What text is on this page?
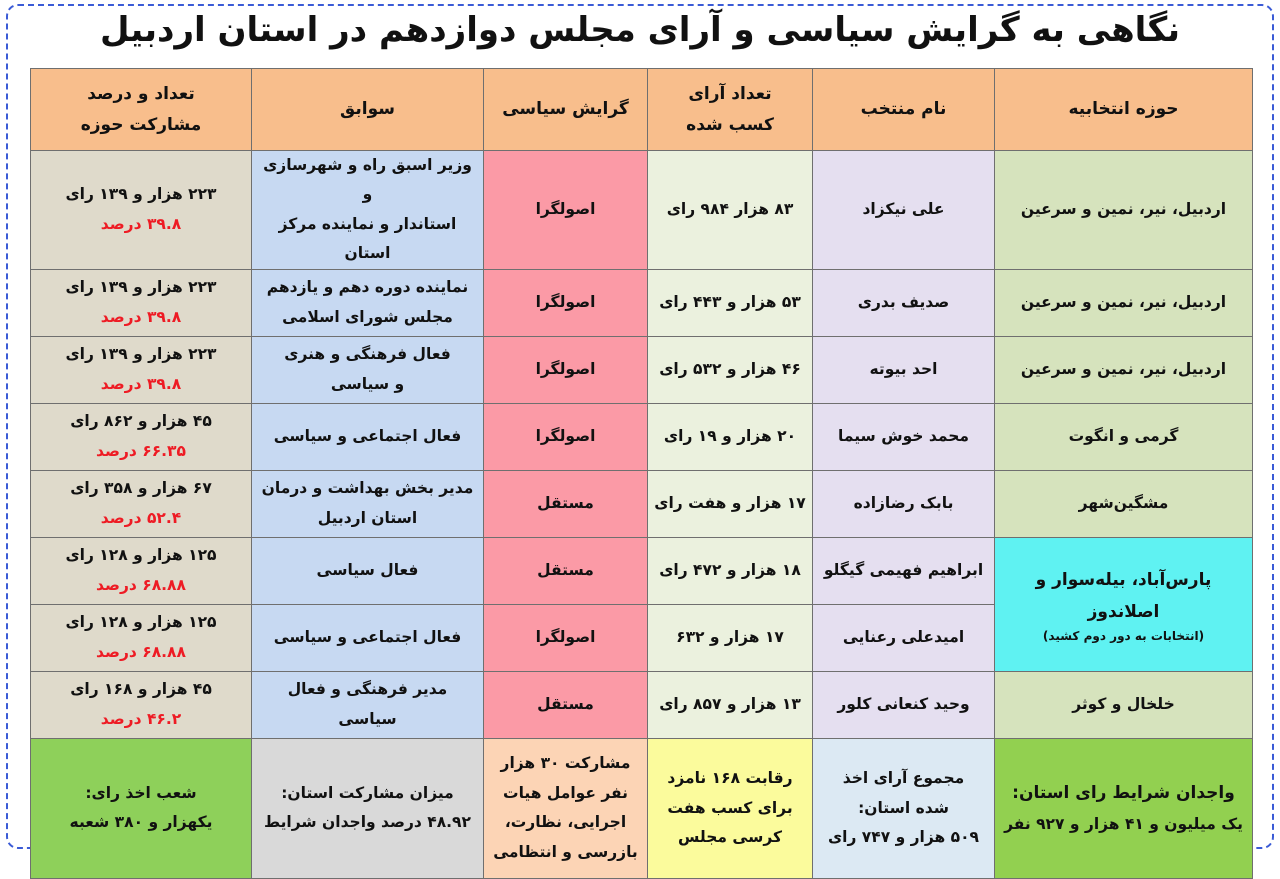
نگاهی به گرایش سیاسی و آرای مجلس دوازدهم در استان اردبیل
حوزه انتخابیه	نام منتخب	تعداد آرای
کسب شده	گرایش سیاسی	سوابق	تعداد و درصد
مشارکت حوزه

اردبیل، نیر، نمین و سرعین	علی نیکزاد	۸۳ هزار ۹۸۴ رای	اصولگرا	وزیر اسبق راه و شهرسازی و
استاندار و نماینده مرکز استان	۲۲۳ هزار و ۱۳۹ رای
۳۹.۸ درصد

اردبیل، نیر، نمین و سرعین	صدیف بدری	۵۳ هزار و ۴۴۳ رای	اصولگرا	نماینده دوره دهم و یازدهم
مجلس شورای اسلامی	۲۲۳ هزار و ۱۳۹ رای
۳۹.۸ درصد

اردبیل، نیر، نمین و سرعین	احد بیوته	۴۶ هزار و ۵۳۲ رای	اصولگرا	فعال فرهنگی و هنری
و سیاسی	۲۲۳ هزار و ۱۳۹ رای
۳۹.۸ درصد

گرمی و انگوت	محمد خوش سیما	۲۰ هزار و ۱۹ رای	اصولگرا	فعال اجتماعی و سیاسی	۴۵ هزار و ۸۶۲ رای
۶۶.۳۵ درصد

مشگین‌شهر	بابک رضازاده	۱۷ هزار و هفت رای	مستقل	مدیر بخش بهداشت و درمان
استان اردبیل	۶۷ هزار و ۳۵۸ رای
۵۲.۴ درصد

پارس‌آباد، بیله‌سوار و اصلاندوز
(انتخابات به دور دوم کشید)	ابراهیم فهیمی گیگلو	۱۸ هزار و ۴۷۲ رای	مستقل	فعال سیاسی	۱۲۵ هزار و ۱۲۸ رای
۶۸.۸۸ درصد

	امیدعلی رعنایی	۱۷ هزار و ۶۳۲	اصولگرا	فعال اجتماعی و سیاسی	۱۲۵ هزار و ۱۲۸ رای
۶۸.۸۸ درصد

خلخال و کوثر	وحید کنعانی کلور	۱۳ هزار و ۸۵۷ رای	مستقل	مدیر فرهنگی و فعال سیاسی	۴۵ هزار و ۱۶۸ رای
۴۶.۲ درصد

واجدان شرایط رای استان:
یک میلیون و ۴۱ هزار و ۹۲۷ نفر	مجموع آرای اخذ
شده استان:
۵۰۹ هزار و ۷۴۷ رای	رقابت ۱۶۸ نامزد
برای کسب هفت
کرسی مجلس	مشارکت ۳۰ هزار
نفر عوامل هیات
اجرایی، نظارت،
بازرسی و انتظامی	میزان مشارکت استان:
۴۸.۹۲ درصد واجدان شرایط	شعب اخذ رای:
یکهزار و ۳۸۰ شعبه
